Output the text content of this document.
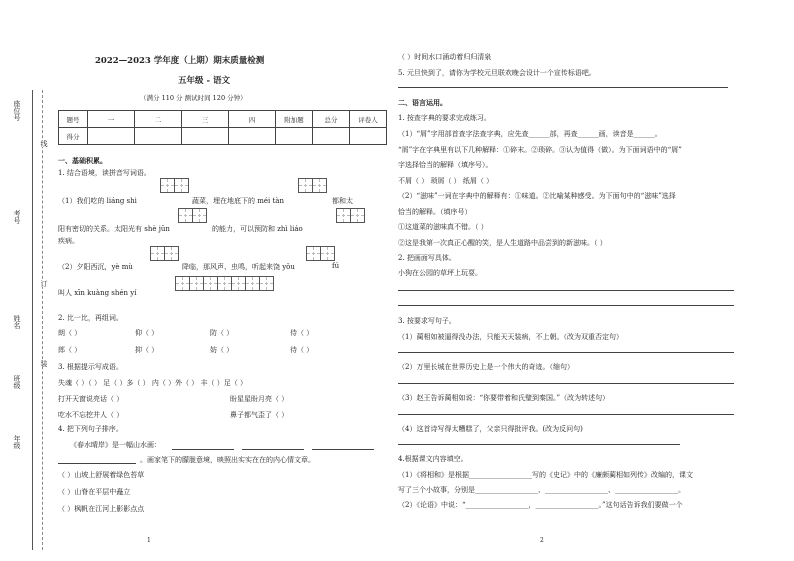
座位号
考号
姓名
班级
年级
线
订
装
2022—2023 学年度（上期）期末质量检测
五年级 - 语文
（满分 110 分 测试时间 120 分钟）
题号	一	二	三	四	附加题	总分	评卷人
得分							
一、基础积累。
1. 结合语境，读拼音写词语。
（1）我们吃的 liáng shi	蔬菜，埋在地底下的 méi tàn	都和太
阳有密切的关系。太阳光有 shè jūn	的能力，可以预防和 zhì liáo
疾病。
（2）夕阳西沉，yè mù	降临，那风声、虫鸣，听起来饶 yǒu	fú
叫人 xīn kuàng shén yí
2. 比一比，再组词。
朗（ ）	仰（ ）	防（ ）	侍（ ）
郎（ ）	抑（ ）	妨（ ）	待（ ）
3. 根据提示写成语。
失魂（ ）（ ） 足（ ）多（ ） 内（ ）外（ ） 丰（ ）足（ ）
打开天窗说亮话（ ）	盼星星盼月亮（ ）
吃水不忘挖井人（ ）	鼻子都气歪了（ ）
4. 把下列句子排序。
《春水晴岸》是一幅山水画：
。画家笔下的朦胧意境，映照出实实在在的内心情文章。
（ ）山坡上舒展着绿色苔草
（ ）山脊在平层中矗立
（ ）枫帆在江河上影影点点
1
（ ）时间水口涌动着归归清泉
5. 元旦快到了，请你为学校元旦联欢晚会设计一个宣传标语吧。
二、语言运用。
1. 按查字典的要求完成练习。
（1）“屑”字用部首查字法查字典，应先查______部，再查______画，读音是______。
“屑”字在字典里有以下几种解释：①碎末。②琐碎。③认为值得（做）。为下面词语中的“屑”
字选择恰当的解释（填序号）。
不屑（ ） 琐屑（ ） 纸屑（ ）
（2）“滋味”一词在字典中的解释有：①味道。②比喻某种感受。为下面句中的“滋味”选择
恰当的解释。（填序号）
①这道菜的滋味真不错。（ ）
②这是我第一次真正心醒的笑，是人生道路中品尝到的新滋味。（ ）
2. 把画面写具体。
小狗在公园的草坪上玩耍。
3. 按要求写句子。
（1）蔺相如被逼得没办法，只能天天装病，不上朝。（改为双重否定句）
（2）万里长城在世界历史上是一个伟大的奇迹。（缩句）
（3）赵王告诉蔺相如说：“你要带着和氏璧到秦国。”（改为转述句）
（4）这首诗写得太糟糕了，父亲只得批评我。(改为反问句)
4.根据课文内容填空。
（1）《将相和》是根据__________________写的《史记》中的《廉颇蔺相如列传》改编的，课文
写了三个小故事，分别是__________________、__________________、__________________。
（2）《论语》中说：“__________________，__________________。”这句话告诉我们要做一个
2
